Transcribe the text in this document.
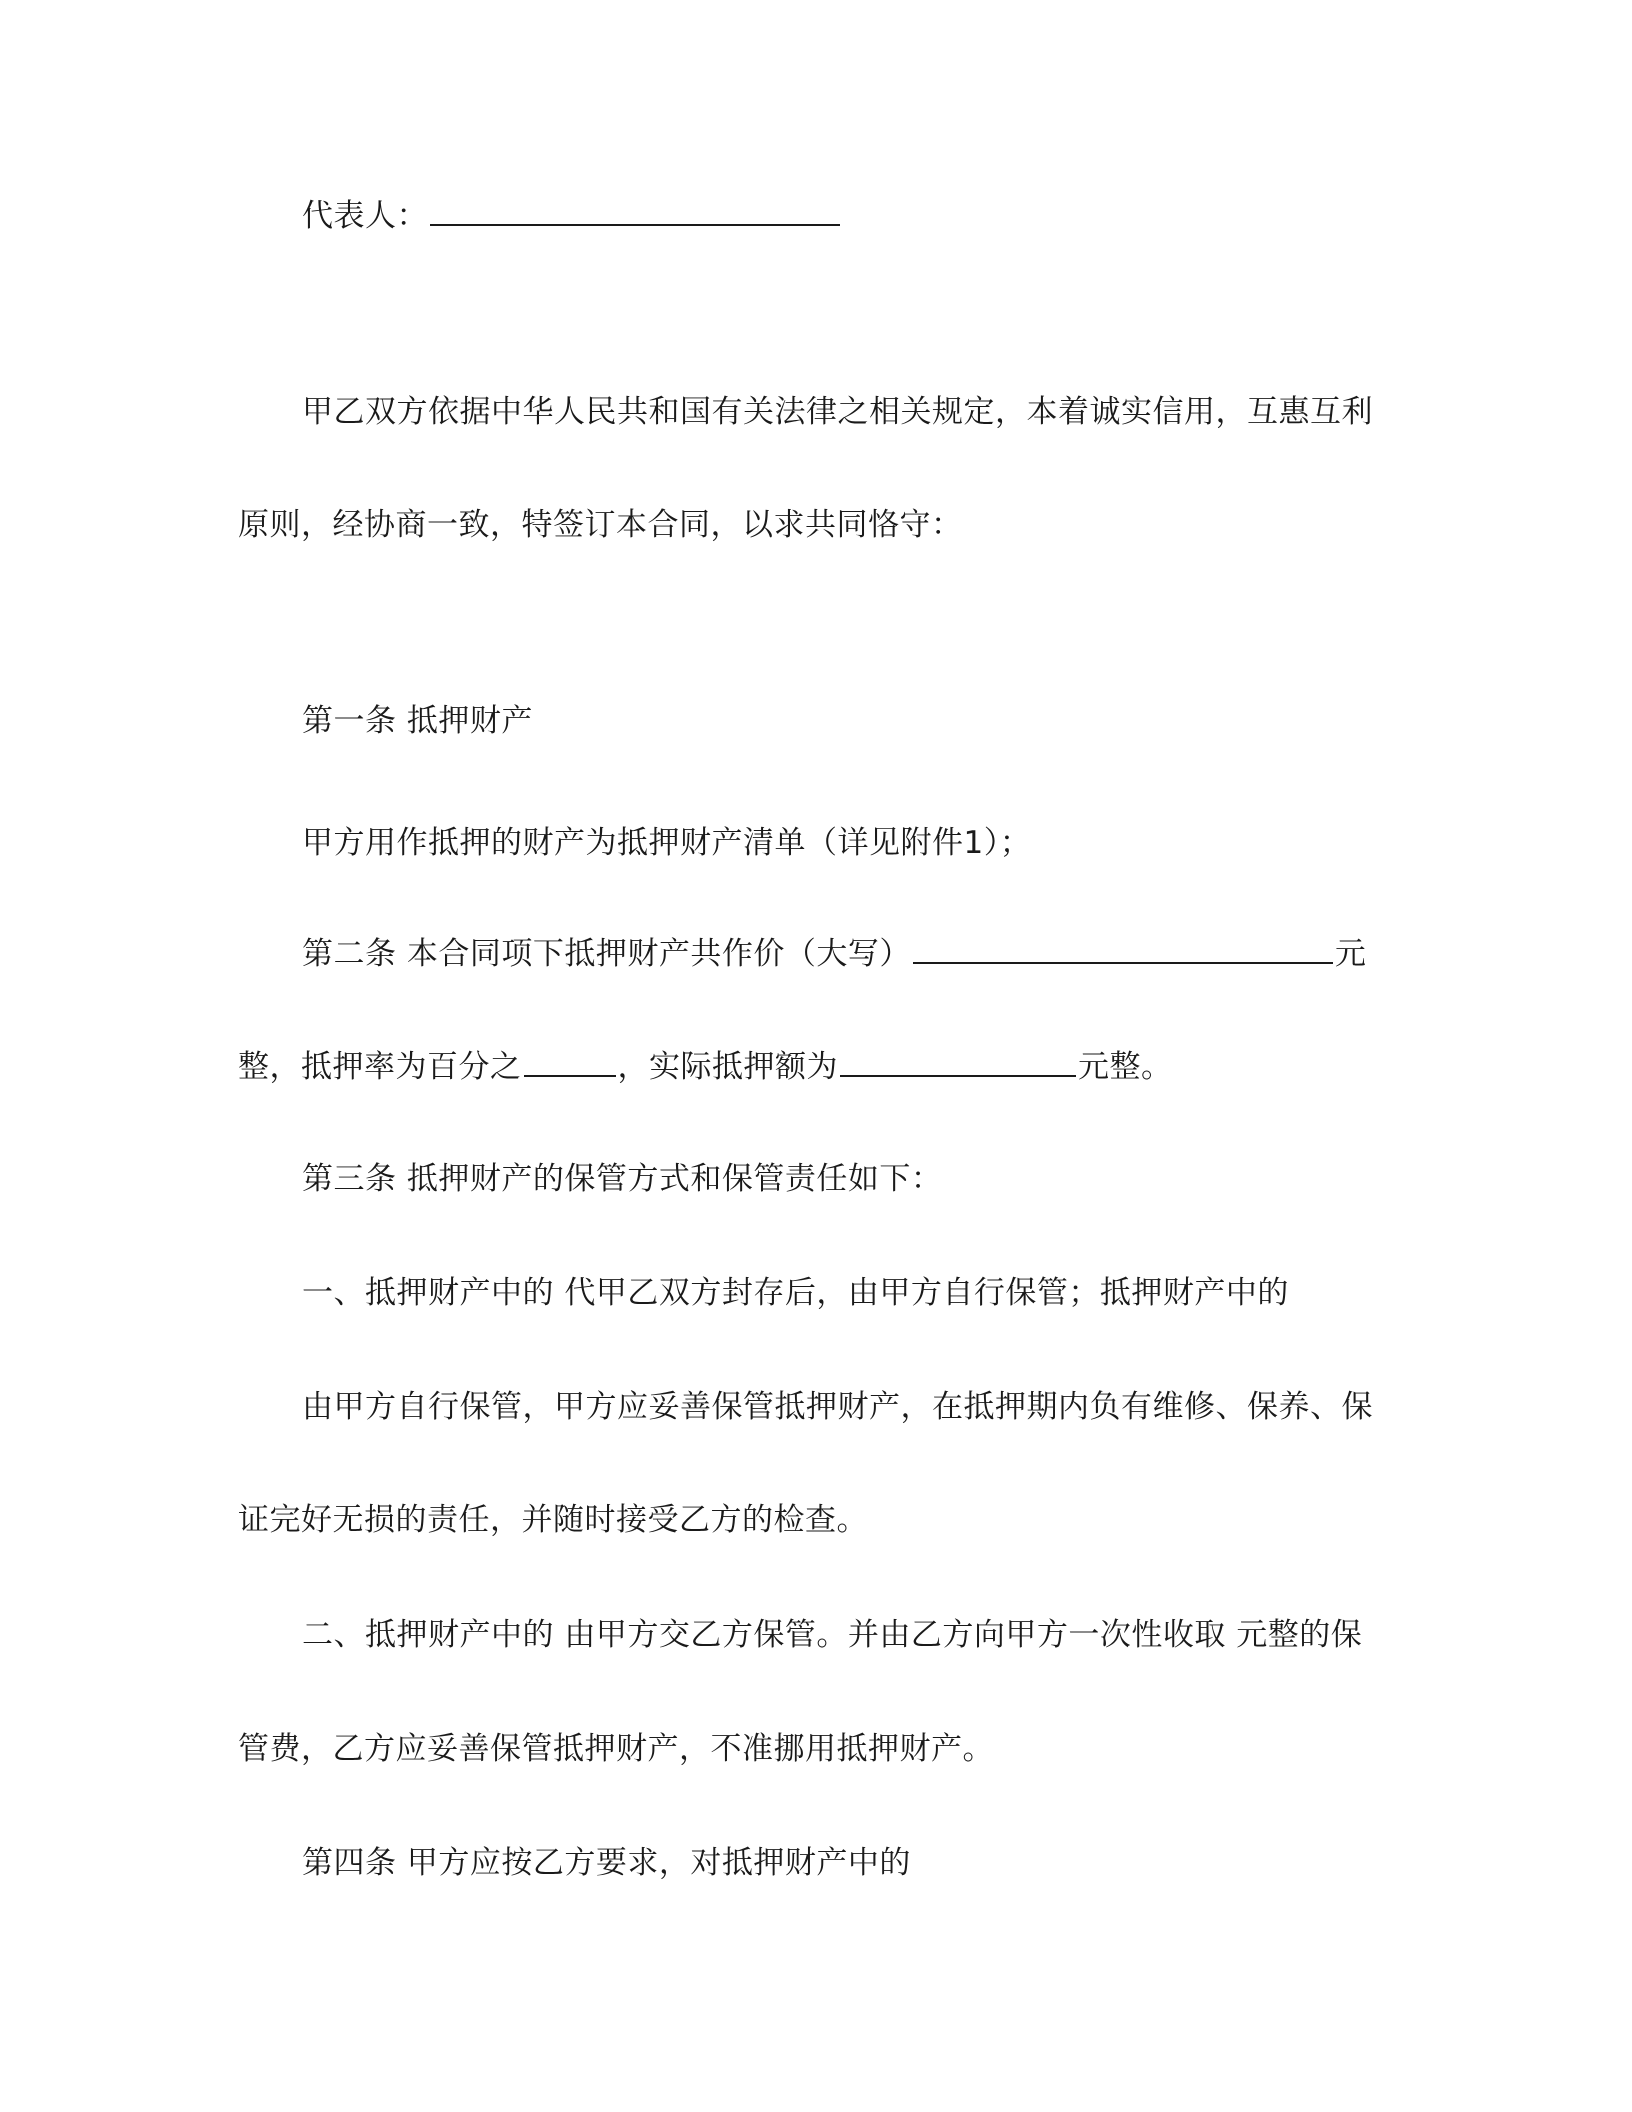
代表人：
甲乙双方依据中华人民共和国有关法律之相关规定，本着诚实信用，互惠互利
原则，经协商一致，特签订本合同，以求共同恪守：
第一条 抵押财产
甲方用作抵押的财产为抵押财产清单（详见附件1）；
第二条 本合同项下抵押财产共作价（大写）	元
整，抵押率为百分之	，实际抵押额为	元整。
第三条 抵押财产的保管方式和保管责任如下：
一、抵押财产中的 代甲乙双方封存后，由甲方自行保管；抵押财产中的
由甲方自行保管，甲方应妥善保管抵押财产，在抵押期内负有维修、保养、保
证完好无损的责任，并随时接受乙方的检查。
二、抵押财产中的 由甲方交乙方保管。并由乙方向甲方一次性收取 元整的保
管费，乙方应妥善保管抵押财产，不准挪用抵押财产。
第四条 甲方应按乙方要求，对抵押财产中的
